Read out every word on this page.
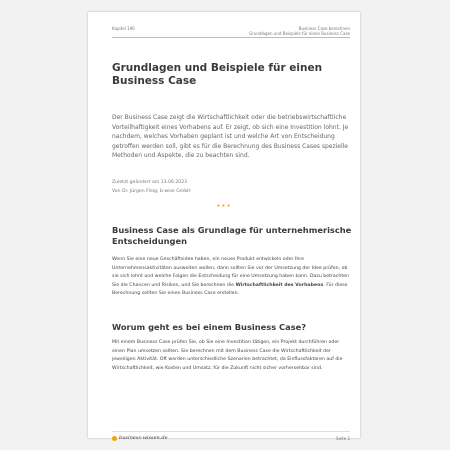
Kapitel 190	Business Case berechnen
Grundlagen und Beispiele für einen Business Case
Grundlagen und Beispiele für einen Business Case

Der Business Case zeigt die Wirtschaftlichkeit oder die betriebswirtschaftliche Vorteilhaftigkeit eines Vorhabens auf. Er zeigt, ob sich eine Investition lohnt. Je nachdem, welches Vorhaben geplant ist und welche Art von Entscheidung getroffen werden soll, gibt es für die Berechnung des Business Cases spezielle Methoden und Aspekte, die zu beachten sind.

Zuletzt geändert am 13.06.2023
Von Dr. Jürgen Fleig, b-wise GmbH
•••
Business Case als Grundlage für unternehmerische Entscheidungen

Wenn Sie eine neue Geschäftsidee haben, ein neues Produkt entwickeln oder Ihre Unternehmensaktivitäten ausweiten wollen, dann sollten Sie vor der Umsetzung der Idee prüfen, ob sie sich lohnt und welche Folgen die Entscheidung für eine Umsetzung haben kann. Dazu betrachten Sie die Chancen und Risiken, und Sie berechnen die Wirtschaftlichkeit des Vorhabens. Für diese Berechnung sollten Sie einen Business Case erstellen.

Worum geht es bei einem Business Case?

Mit einem Business Case prüfen Sie, ob Sie eine Investition tätigen, ein Projekt durchführen oder einen Plan umsetzen sollten. Sie berechnen mit dem Business Case die Wirtschaftlichkeit der jeweiligen Aktivität. Oft werden unterschiedliche Szenarien betrachtet, da Einflussfaktoren auf die Wirtschaftlichkeit, wie Kosten und Umsatz, für die Zukunft nicht sicher vorhersehbar sind.

business-wissen.de	Seite 2
